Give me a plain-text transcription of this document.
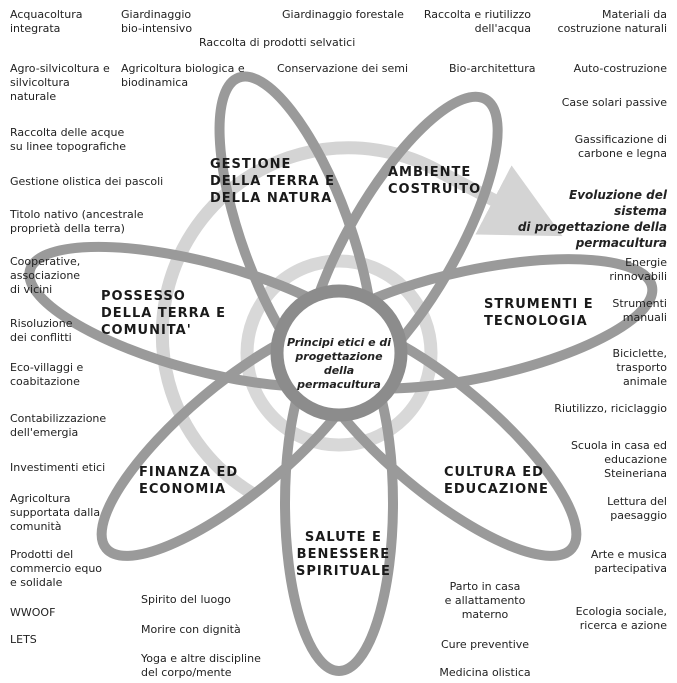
Principi etici e di
progettazione della
permacultura
Evoluzione del sistema
di progettazione della
permacultura
GESTIONE
DELLA TERRA E
DELLA NATURA
AMBIENTE
COSTRUITO
STRUMENTI E
TECNOLOGIA
CULTURA ED
EDUCAZIONE
SALUTE E
BENESSERE
SPIRITUALE
FINANZA ED
ECONOMIA
POSSESSO
DELLA TERRA E
COMUNITA'
Acquacoltura
integrata
Giardinaggio
bio-intensivo
Giardinaggio forestale	Raccolta e riutilizzo
dell'acqua
Materiali da
costruzione naturali
Raccolta di prodotti selvatici
Agro-silvicoltura e
silvicoltura
naturale
Agricoltura biologica e
biodinamica
Conservazione dei semi	Bio-architettura	Auto-costruzione
Raccolta delle acque
su linee topografiche
Gestione olistica dei pascoli
Titolo nativo (ancestrale
proprietà della terra)
Cooperative,
associazione
di vicini
Risoluzione
dei conflitti
Eco-villaggi e
coabitazione
Contabilizzazione
dell'emergia
Investimenti etici
Agricoltura
supportata dalla
comunità
Prodotti del
commercio equo
e solidale
WWOOF
LETS
Case solari passive
Gassificazione di
carbone e legna
Energie
rinnovabili
Strumenti
manuali
Biciclette,
trasporto
animale
Riutilizzo, riciclaggio
Scuola in casa ed
educazione
Steineriana
Lettura del
paesaggio
Arte e musica
partecipativa
Ecologia sociale,
ricerca e azione
Spirito del luogo
Morire con dignità
Yoga e altre discipline
del corpo/mente
Parto in casa
e allattamento
materno
Cure preventive
Medicina olistica
